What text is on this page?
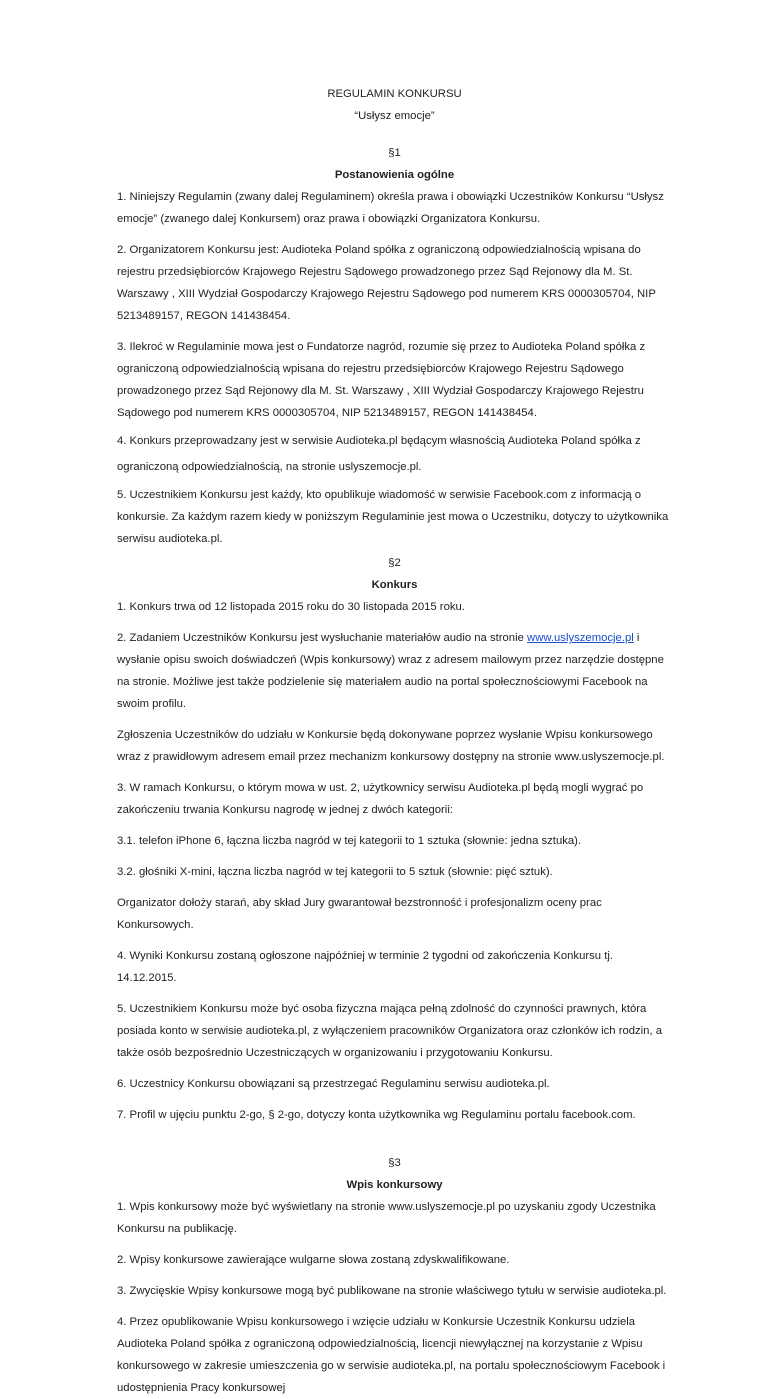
REGULAMIN KONKURSU

“Usłysz emocje”

§1

Postanowienia ogólne

1. Niniejszy Regulamin (zwany dalej Regulaminem) określa prawa i obowiązki Uczestników Konkursu “Usłysz emocje” (zwanego dalej Konkursem) oraz prawa i obowiązki Organizatora Konkursu.

2. Organizatorem Konkursu jest: Audioteka Poland spółka z ograniczoną odpowiedzialnością wpisana do rejestru przedsiębiorców Krajowego Rejestru Sądowego prowadzonego przez Sąd Rejonowy dla M. St. Warszawy , XIII Wydział Gospodarczy Krajowego Rejestru Sądowego pod numerem KRS 0000305704, NIP 5213489157, REGON 141438454.

3. Ilekroć w Regulaminie mowa jest o Fundatorze nagród, rozumie się przez to Audioteka Poland spółka z ograniczoną odpowiedzialnością wpisana do rejestru przedsiębiorców Krajowego Rejestru Sądowego prowadzonego przez Sąd Rejonowy dla M. St. Warszawy , XIII Wydział Gospodarczy Krajowego Rejestru Sądowego pod numerem KRS 0000305704, NIP 5213489157, REGON 141438454.

4. Konkurs przeprowadzany jest w serwisie Audioteka.pl będącym własnością Audioteka Poland spółka z ograniczoną odpowiedzialnością, na stronie uslyszemocje.pl.

5. Uczestnikiem Konkursu jest każdy, kto opublikuje wiadomość w serwisie Facebook.com z informacją o konkursie. Za każdym razem kiedy w poniższym Regulaminie jest mowa o Uczestniku, dotyczy to użytkownika serwisu audioteka.pl.

§2

Konkurs

1. Konkurs trwa od 12 listopada 2015 roku do 30 listopada 2015 roku.

2. Zadaniem Uczestników Konkursu jest wysłuchanie materiałów audio na stronie www.uslyszemocje.pl i wysłanie opisu swoich doświadczeń (Wpis konkursowy) wraz z adresem mailowym przez narzędzie dostępne na stronie. Możliwe jest także podzielenie się materiałem audio na portal społecznościowymi Facebook na swoim profilu.

Zgłoszenia Uczestników do udziału w Konkursie będą dokonywane poprzez wysłanie Wpisu konkursowego wraz z prawidłowym adresem email przez mechanizm konkursowy dostępny na stronie www.uslyszemocje.pl.

3. W ramach Konkursu, o którym mowa w ust. 2, użytkownicy serwisu Audioteka.pl będą mogli wygrać po zakończeniu trwania Konkursu nagrodę w jednej z dwóch kategorii:

3.1. telefon iPhone 6, łączna liczba nagród w tej kategorii to 1 sztuka (słownie: jedna sztuka).

3.2. głośniki X-mini, łączna liczba nagród w tej kategorii to 5 sztuk (słownie: pięć sztuk).

Organizator dołoży starań, aby skład Jury gwarantował bezstronność i profesjonalizm oceny prac Konkursowych.

4. Wyniki Konkursu zostaną ogłoszone najpóźniej w terminie 2 tygodni od zakończenia Konkursu tj. 14.12.2015.

5. Uczestnikiem Konkursu może być osoba fizyczna mająca pełną zdolność do czynności prawnych, która posiada konto w serwisie audioteka.pl, z wyłączeniem pracowników Organizatora oraz członków ich rodzin, a także osób bezpośrednio Uczestniczących w organizowaniu i przygotowaniu Konkursu.

6. Uczestnicy Konkursu obowiązani są przestrzegać Regulaminu serwisu audioteka.pl.

7. Profil w ujęciu punktu 2-go, § 2-go, dotyczy konta użytkownika wg Regulaminu portalu facebook.com.

§3

Wpis konkursowy

1. Wpis konkursowy może być wyświetlany na stronie www.uslyszemocje.pl po uzyskaniu zgody Uczestnika Konkursu na publikację.

2. Wpisy konkursowe zawierające wulgarne słowa zostaną zdyskwalifikowane.

3. Zwycięskie Wpisy konkursowe mogą być publikowane na stronie właściwego tytułu w serwisie audioteka.pl.

4. Przez opublikowanie Wpisu konkursowego i wzięcie udziału w Konkursie Uczestnik Konkursu udziela Audioteka Poland spółka z ograniczoną odpowiedzialnością, licencji niewyłącznej na korzystanie z Wpisu konkursowego w zakresie umieszczenia go w serwisie audioteka.pl, na portalu społecznościowym Facebook i udostępnienia Pracy konkursowej
